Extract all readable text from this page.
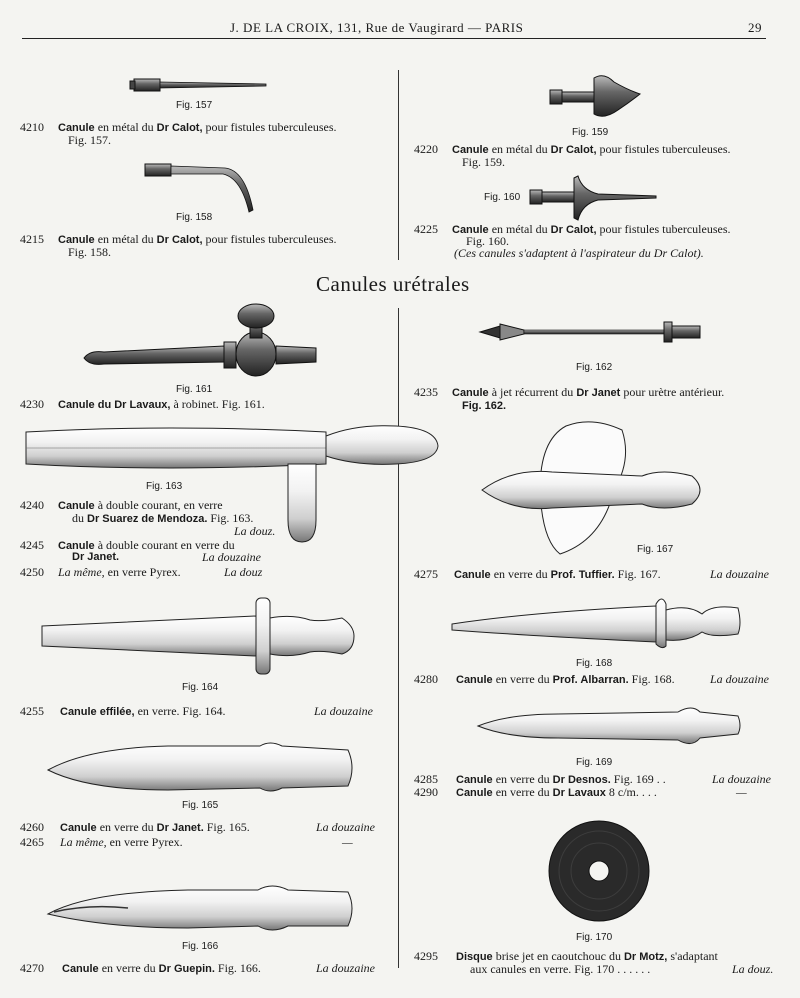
J. DE LA CROIX, 131, Rue de Vaugirard — PARIS	29
Fig. 157
4210 Canule en métal du Dr Calot, pour fistules tuberculeuses.
Fig. 157.
Fig. 158
4215 Canule en métal du Dr Calot, pour fistules tuberculeuses.
Fig. 158.
Fig. 159
4220 Canule en métal du Dr Calot, pour fistules tuberculeuses.
Fig. 159.
Fig. 160
4225 Canule en métal du Dr Calot, pour fistules tuberculeuses.
Fig. 160.
(Ces canules s'adaptent à l'aspirateur du Dr Calot).
Canules urétrales
Fig. 161
4230 Canule du Dr Lavaux, à robinet. Fig. 161.
Fig. 162
4235 Canule à jet récurrent du Dr Janet pour urètre antérieur.
Fig. 162.
Fig. 163
4240 Canule à double courant, en verre
du Dr Suarez de Mendoza. Fig. 163.
La douz.
4245 Canule à double courant en verre du
Dr Janet.	La douzaine
4250 La même, en verre Pyrex.	La douz
Fig. 167
4275 Canule en verre du Prof. Tuffier. Fig. 167.	La douzaine
Fig. 164
4255 Canule effilée, en verre. Fig. 164.	La douzaine
Fig. 168
4280 Canule en verre du Prof. Albarran. Fig. 168.	La douzaine
Fig. 169
4285 Canule en verre du Dr Desnos. Fig. 169 . .	La douzaine
4290 Canule en verre du Dr Lavaux 8 c/m. . . .	—
Fig. 165
4260 Canule en verre du Dr Janet. Fig. 165.	La douzaine
4265 La même, en verre Pyrex.	—
Fig. 166
4270 Canule en verre du Dr Guepin. Fig. 166.	La douzaine
Fig. 170
4295 Disque brise jet en caoutchouc du Dr Motz, s'adaptant
aux canules en verre. Fig. 170 . . . . . .	La douz.
